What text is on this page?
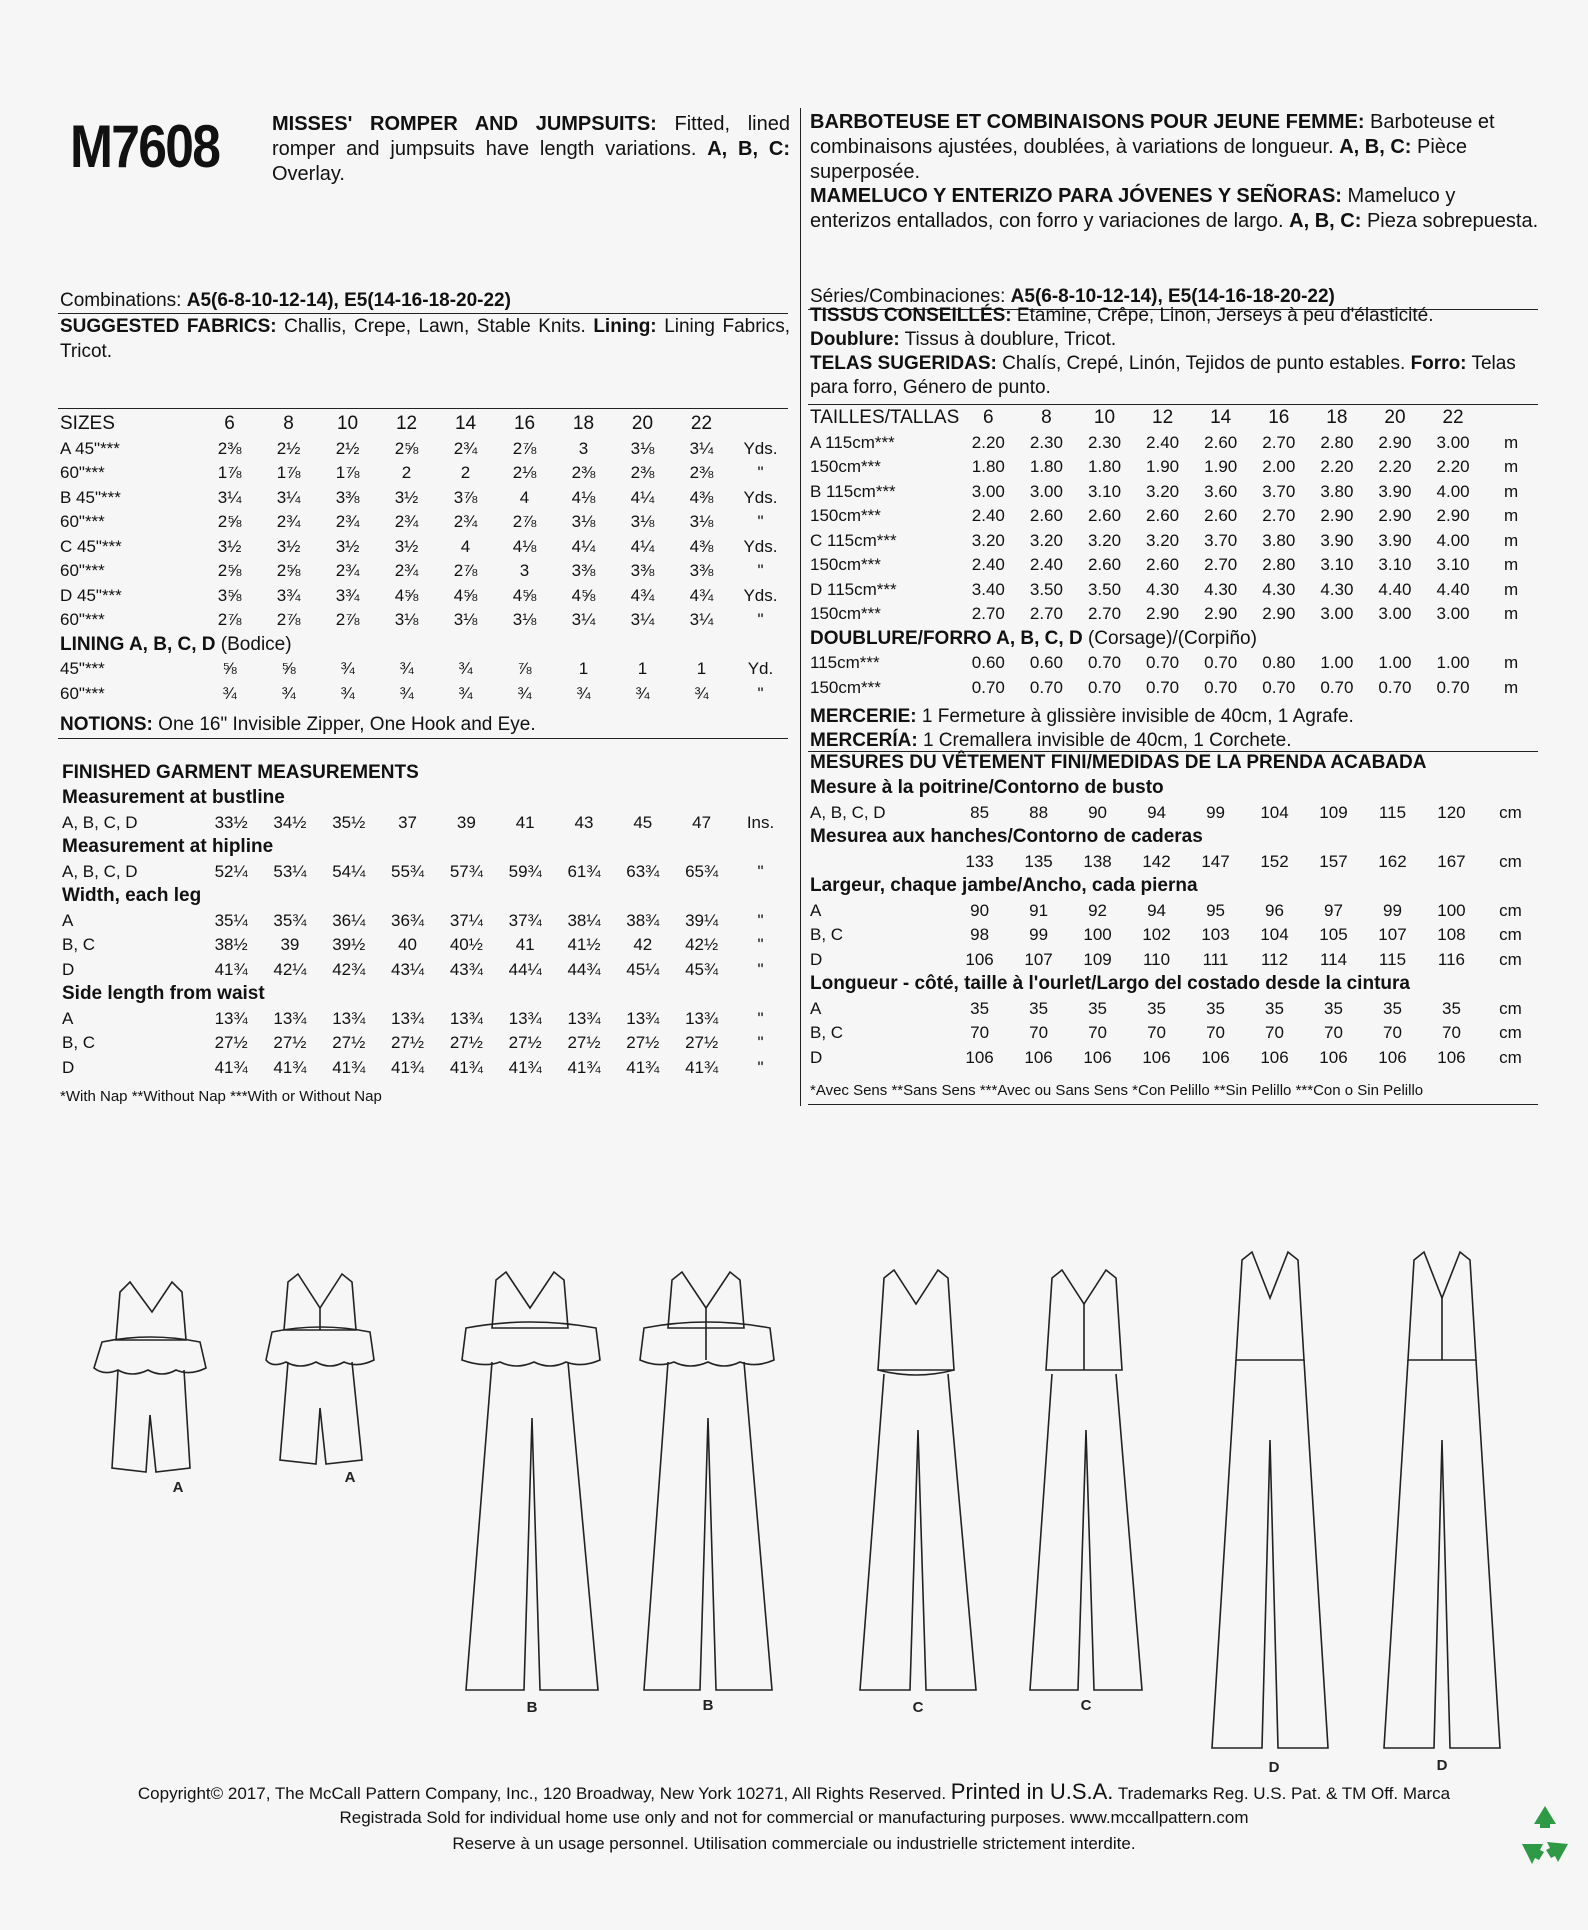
M7608	MISSES' ROMPER AND JUMPSUITS: Fitted, lined romper and jumpsuits have length variations. A, B, C: Overlay.
BARBOTEUSE ET COMBINAISONS POUR JEUNE FEMME: Barboteuse et combinaisons ajustées, doublées, à variations de longueur. A, B, C: Pièce superposée.
MAMELUCO Y ENTERIZO PARA JÓVENES Y SEÑORAS: Mameluco y enterizos entallados, con forro y variaciones de largo. A, B, C: Pieza sobrepuesta.
Combinations: A5(6-8-10-12-14), E5(14-16-18-20-22)
SUGGESTED FABRICS: Challis, Crepe, Lawn, Stable Knits. Lining: Lining Fabrics, Tricot.
SIZES	6	8	10	12	14	16	18	20	22	
A 45"***	2⅜	2½	2½	2⅝	2¾	2⅞	3	3⅛	3¼	Yds.
60"***	1⅞	1⅞	1⅞	2	2	2⅛	2⅜	2⅜	2⅜	"
B 45"***	3¼	3¼	3⅜	3½	3⅞	4	4⅛	4¼	4⅜	Yds.
60"***	2⅝	2¾	2¾	2¾	2¾	2⅞	3⅛	3⅛	3⅛	"
C 45"***	3½	3½	3½	3½	4	4⅛	4¼	4¼	4⅜	Yds.
60"***	2⅝	2⅝	2¾	2¾	2⅞	3	3⅜	3⅜	3⅜	"
D 45"***	3⅝	3¾	3¾	4⅝	4⅝	4⅝	4⅝	4¾	4¾	Yds.
60"***	2⅞	2⅞	2⅞	3⅛	3⅛	3⅛	3¼	3¼	3¼	"
LINING A, B, C, D (Bodice)										
45"***	⅝	⅝	¾	¾	¾	⅞	1	1	1	Yd.
60"***	¾	¾	¾	¾	¾	¾	¾	¾	¾	"
NOTIONS: One 16" Invisible Zipper, One Hook and Eye.
FINISHED GARMENT MEASUREMENTS
Measurement at bustline										
A, B, C, D	33½	34½	35½	37	39	41	43	45	47	Ins.
Measurement at hipline										
A, B, C, D	52¼	53¼	54¼	55¾	57¾	59¾	61¾	63¾	65¾	"
Width, each leg										
A	35¼	35¾	36¼	36¾	37¼	37¾	38¼	38¾	39¼	"
B, C	38½	39	39½	40	40½	41	41½	42	42½	"
D	41¾	42¼	42¾	43¼	43¾	44¼	44¾	45¼	45¾	"
Side length from waist										
A	13¾	13¾	13¾	13¾	13¾	13¾	13¾	13¾	13¾	"
B, C	27½	27½	27½	27½	27½	27½	27½	27½	27½	"
D	41¾	41¾	41¾	41¾	41¾	41¾	41¾	41¾	41¾	"
*With Nap **Without Nap ***With or Without Nap
Séries/Combinaciones: A5(6-8-10-12-14), E5(14-16-18-20-22)
TISSUS CONSEILLÉS: Etamine, Crêpe, Linon, Jerseys à peu d'élasticité.
Doublure: Tissus à doublure, Tricot.
TELAS SUGERIDAS: Chalís, Crepé, Linón, Tejidos de punto estables. Forro: Telas para forro, Género de punto.
TAILLES/TALLAS	6	8	10	12	14	16	18	20	22	
A 115cm***	2.20	2.30	2.30	2.40	2.60	2.70	2.80	2.90	3.00	m
150cm***	1.80	1.80	1.80	1.90	1.90	2.00	2.20	2.20	2.20	m
B 115cm***	3.00	3.00	3.10	3.20	3.60	3.70	3.80	3.90	4.00	m
150cm***	2.40	2.60	2.60	2.60	2.60	2.70	2.90	2.90	2.90	m
C 115cm***	3.20	3.20	3.20	3.20	3.70	3.80	3.90	3.90	4.00	m
150cm***	2.40	2.40	2.60	2.60	2.70	2.80	3.10	3.10	3.10	m
D 115cm***	3.40	3.50	3.50	4.30	4.30	4.30	4.30	4.40	4.40	m
150cm***	2.70	2.70	2.70	2.90	2.90	2.90	3.00	3.00	3.00	m
DOUBLURE/FORRO A, B, C, D (Corsage)/(Corpiño)										
115cm***	0.60	0.60	0.70	0.70	0.70	0.80	1.00	1.00	1.00	m
150cm***	0.70	0.70	0.70	0.70	0.70	0.70	0.70	0.70	0.70	m
MERCERIE: 1 Fermeture à glissière invisible de 40cm, 1 Agrafe.
MERCERÍA: 1 Cremallera invisible de 40cm, 1 Corchete.
MESURES DU VÊTEMENT FINI/MEDIDAS DE LA PRENDA ACABADA
Mesure à la poitrine/Contorno de busto										
A, B, C, D	85	88	90	94	99	104	109	115	120	cm
Mesurea aux hanches/Contorno de caderas										
	133	135	138	142	147	152	157	162	167	cm
Largeur, chaque jambe/Ancho, cada pierna										
A	90	91	92	94	95	96	97	99	100	cm
B, C	98	99	100	102	103	104	105	107	108	cm
D	106	107	109	110	111	112	114	115	116	cm
Longueur - côté, taille à l'ourlet/Largo del costado desde la cintura										
A	35	35	35	35	35	35	35	35	35	cm
B, C	70	70	70	70	70	70	70	70	70	cm
D	106	106	106	106	106	106	106	106	106	cm
*Avec Sens **Sans Sens ***Avec ou Sans Sens *Con Pelillo **Sin Pelillo ***Con o Sin Pelillo
A
A
B	B	C	C
D	D
Copyright© 2017, The McCall Pattern Company, Inc., 120 Broadway, New York 10271, All Rights Reserved. Printed in U.S.A. Trademarks Reg. U.S. Pat. & TM Off. Marca
Registrada Sold for individual home use only and not for commercial or manufacturing purposes. www.mccallpattern.com
Reserve à un usage personnel. Utilisation commerciale ou industrielle strictement interdite.
